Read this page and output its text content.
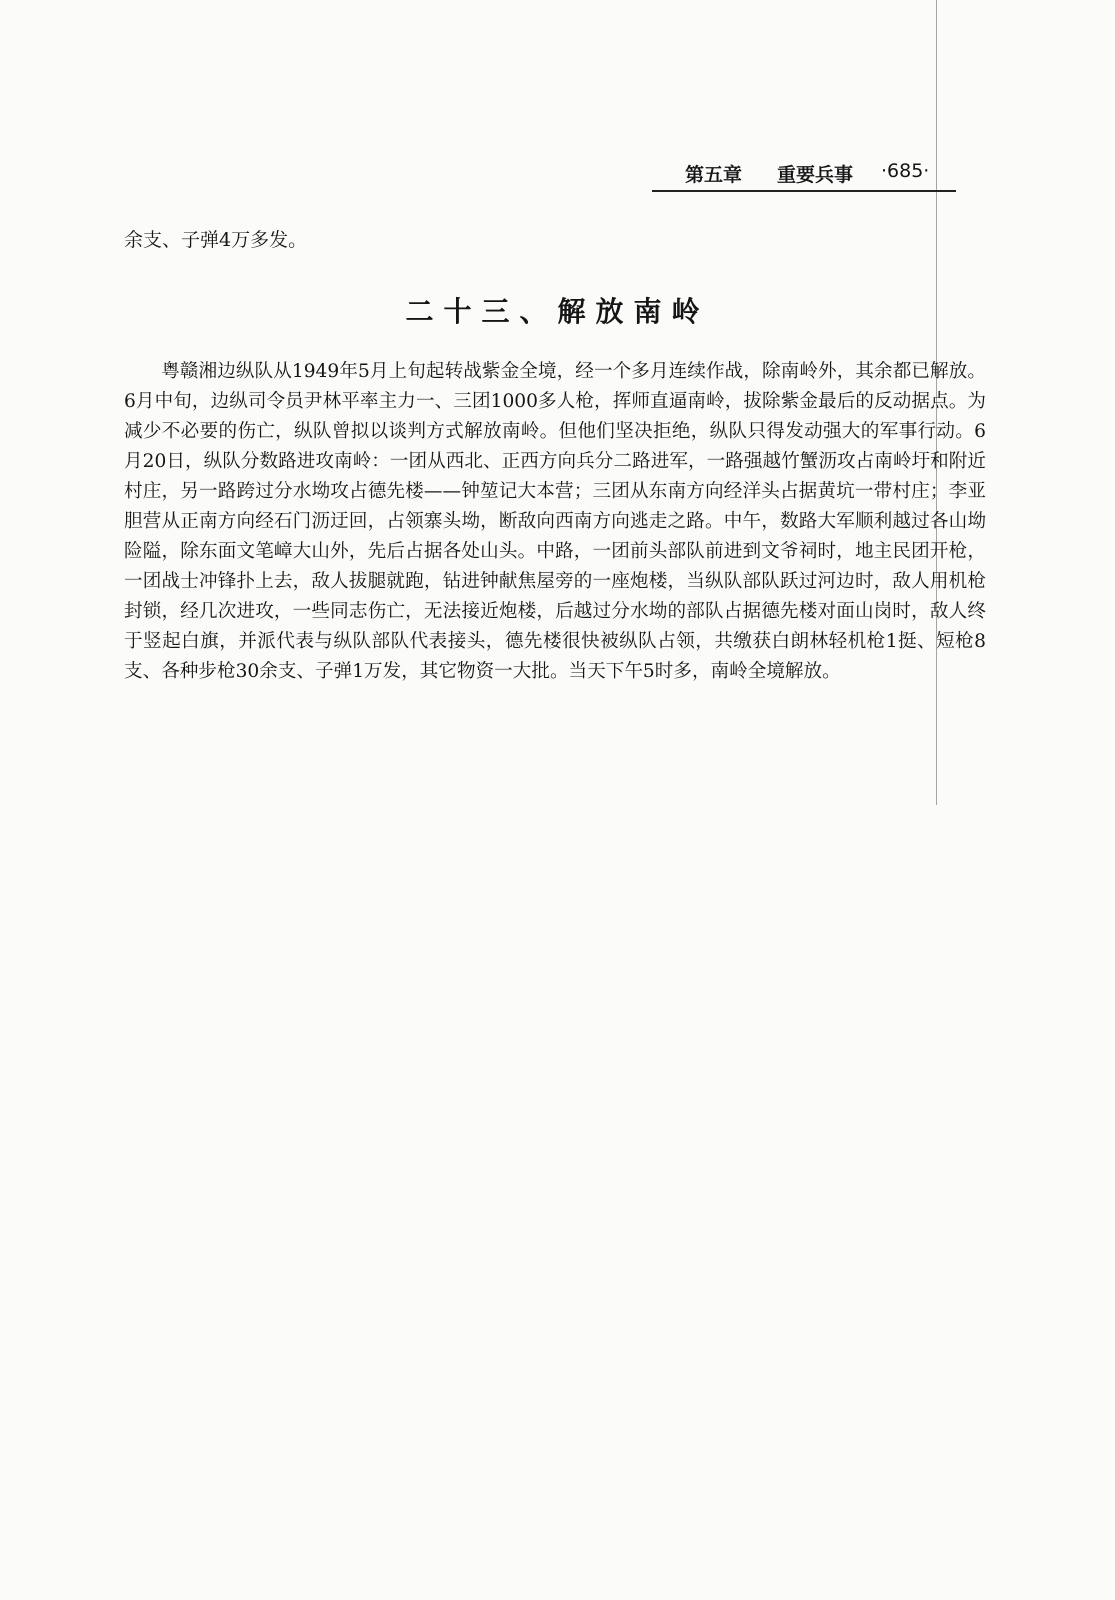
第五章 重要兵事 ·685·
余支、子弹4万多发。
二十三、解放南岭

粤赣湘边纵队从1949年5月上旬起转战紫金全境，经一个多月连续作战，除南岭外，其余都已解放。6月中旬，边纵司令员尹林平率主力一、三团1000多人枪，挥师直逼南岭，拔除紫金最后的反动据点。为减少不必要的伤亡，纵队曾拟以谈判方式解放南岭。但他们坚决拒绝，纵队只得发动强大的军事行动。6月20日，纵队分数路进攻南岭：一团从西北、正西方向兵分二路进军，一路强越竹蟹沥攻占南岭圩和附近村庄，另一路跨过分水坳攻占德先楼——钟堃记大本营；三团从东南方向经洋头占据黄坑一带村庄；李亚胆营从正南方向经石门沥迂回，占领寨头坳，断敌向西南方向逃走之路。中午，数路大军顺利越过各山坳险隘，除东面文笔嶂大山外，先后占据各处山头。中路，一团前头部队前进到文爷祠时，地主民团开枪，一团战士冲锋扑上去，敌人拔腿就跑，钻进钟献焦屋旁的一座炮楼，当纵队部队跃过河边时，敌人用机枪封锁，经几次进攻，一些同志伤亡，无法接近炮楼，后越过分水坳的部队占据德先楼对面山岗时，敌人终于竖起白旗，并派代表与纵队部队代表接头，德先楼很快被纵队占领，共缴获白朗林轻机枪1挺、短枪8支、各种步枪30余支、子弹1万发，其它物资一大批。当天下午5时多，南岭全境解放。
